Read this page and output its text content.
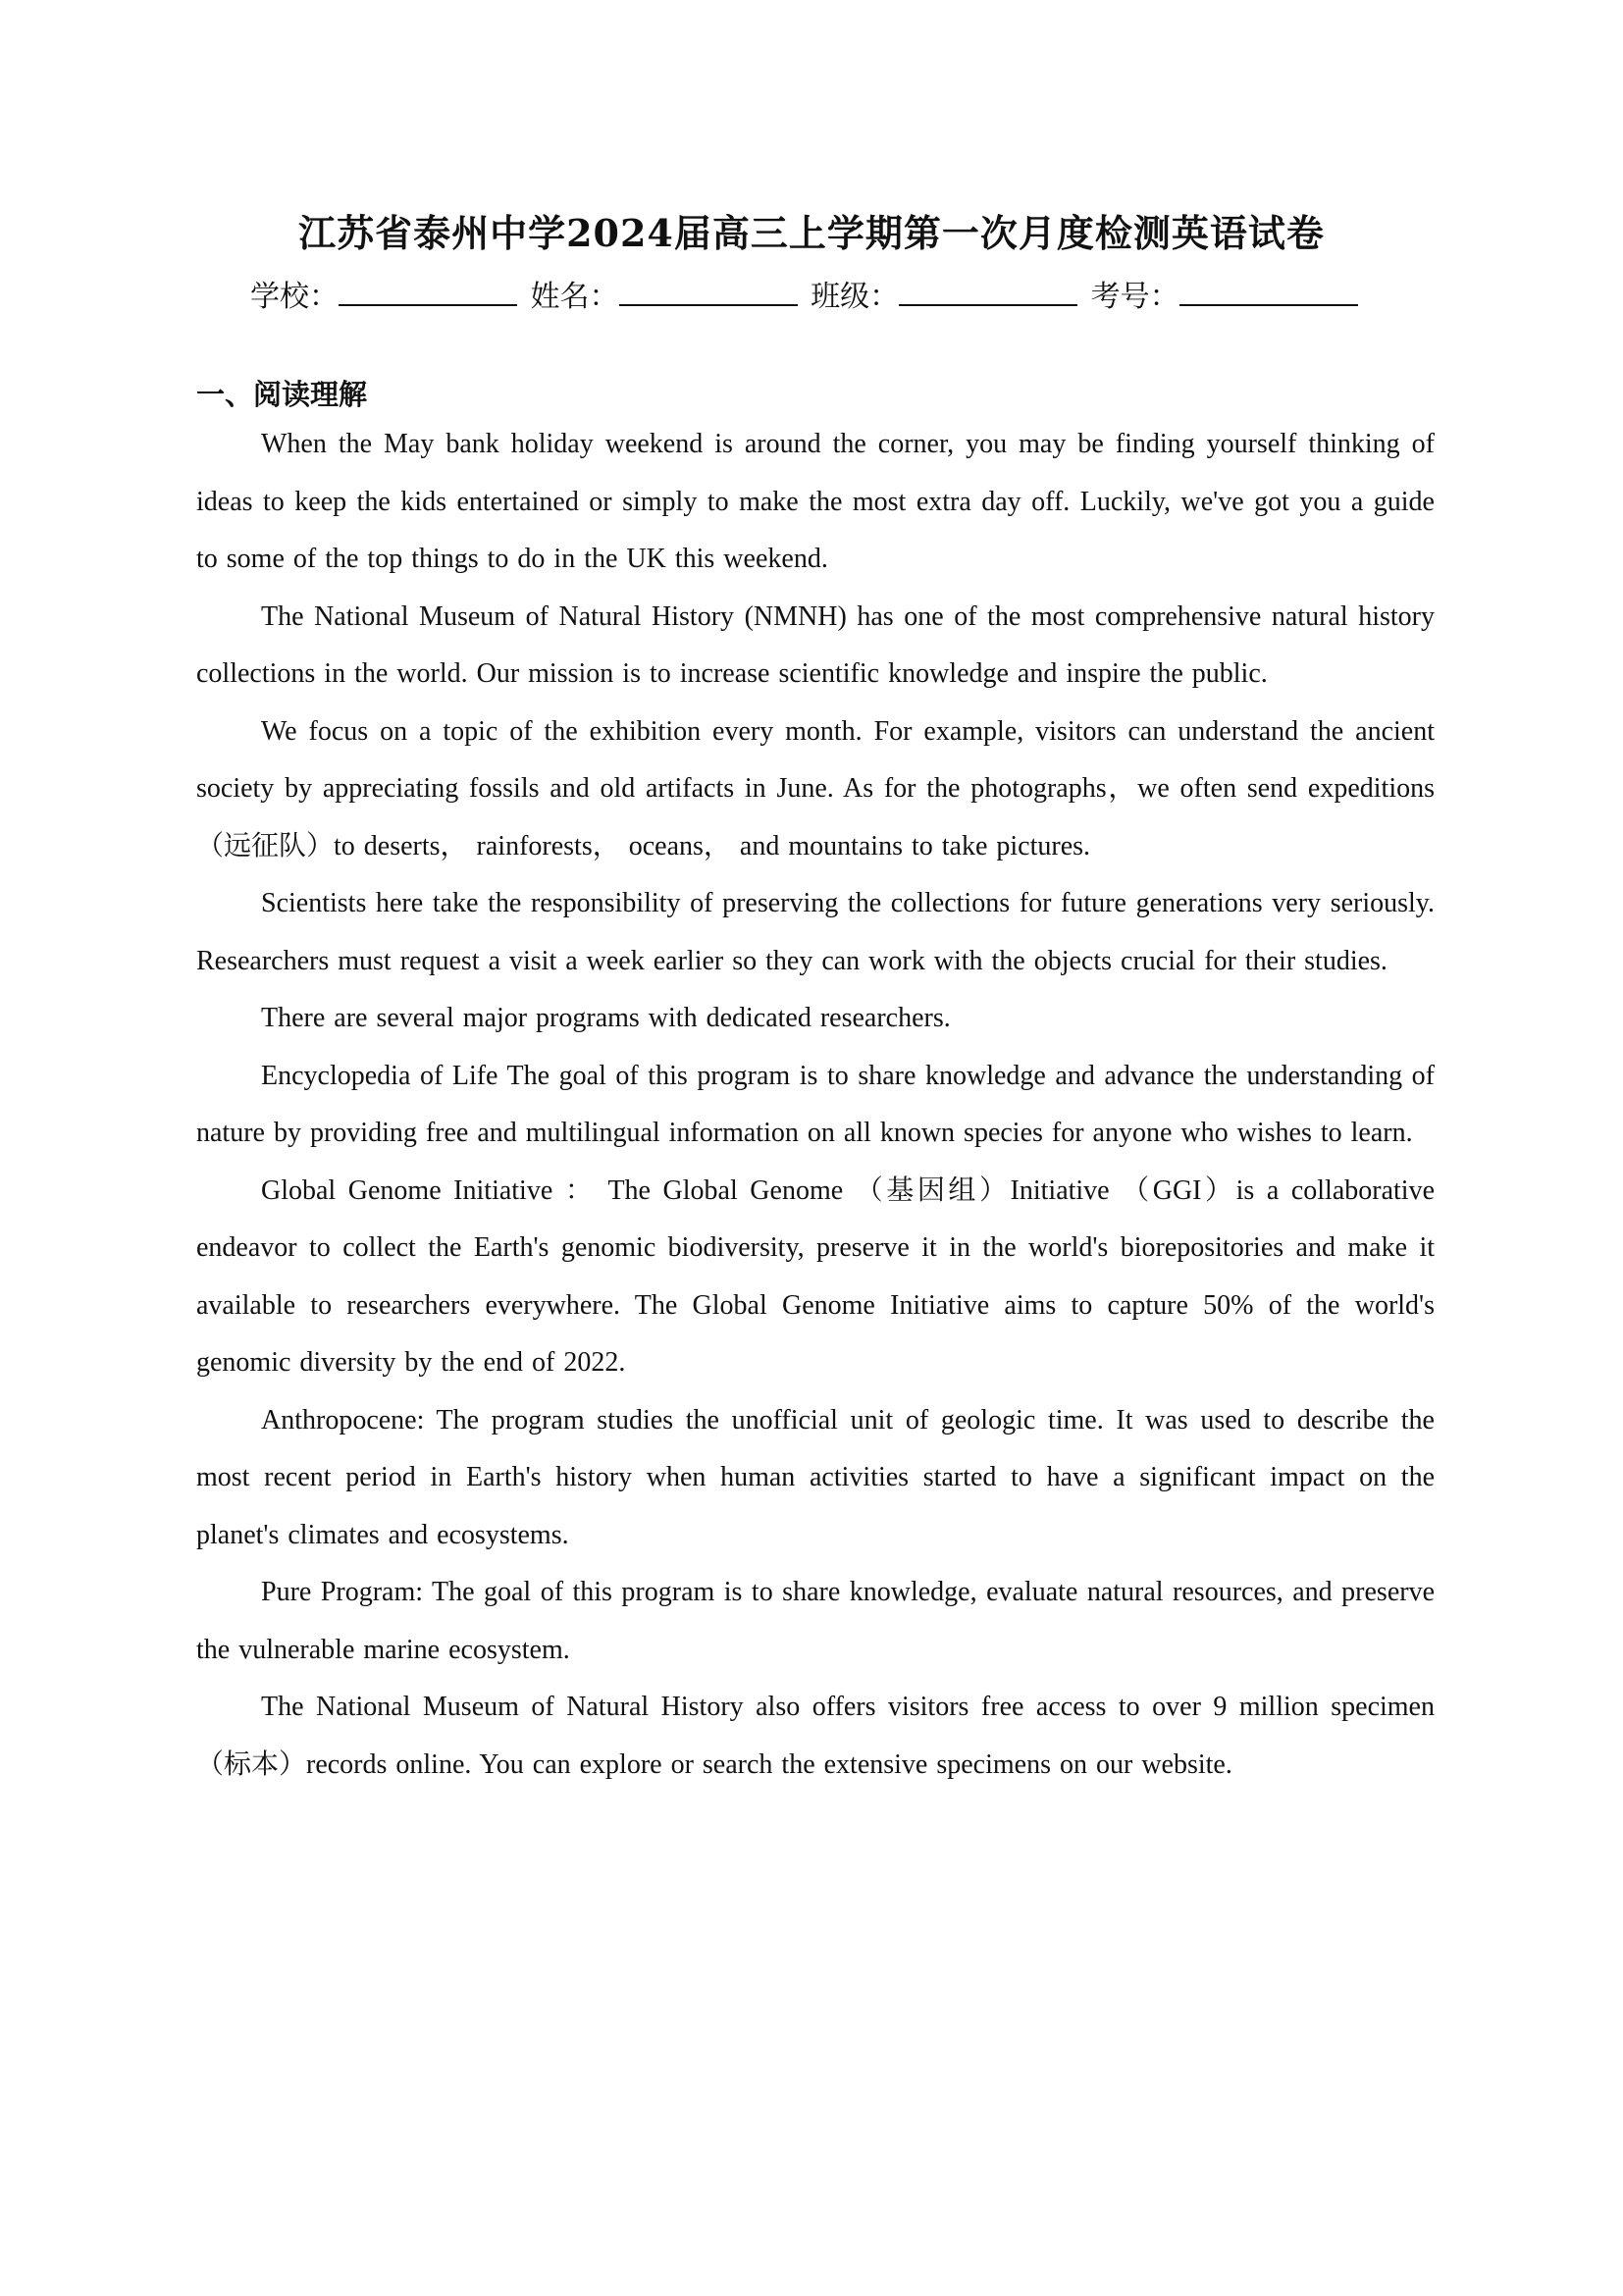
江苏省泰州中学2024届高三上学期第一次月度检测英语试卷
学校：	姓名：	班级：	考号：
一、阅读理解

When the May bank holiday weekend is around the corner, you may be finding yourself thinking of ideas to keep the kids entertained or simply to make the most extra day off. Luckily, we've got you a guide to some of the top things to do in the UK this weekend.

The National Museum of Natural History (NMNH) has one of the most comprehensive natural history collections in the world. Our mission is to increase scientific knowledge and inspire the public.

We focus on a topic of the exhibition every month. For example, visitors can understand the ancient society by appreciating fossils and old artifacts in June. As for the photographs，we often send expeditions （远征队）to deserts， rainforests， oceans， and mountains to take pictures.

Scientists here take the responsibility of preserving the collections for future generations very seriously. Researchers must request a visit a week earlier so they can work with the objects crucial for their studies.

There are several major programs with dedicated researchers.

Encyclopedia of Life The goal of this program is to share knowledge and advance the understanding of nature by providing free and multilingual information on all known species for anyone who wishes to learn.

Global Genome Initiative ： The Global Genome （基因组）Initiative （GGI）is a collaborative endeavor to collect the Earth's genomic biodiversity, preserve it in the world's biorepositories and make it available to researchers everywhere. The Global Genome Initiative aims to capture 50% of the world's genomic diversity by the end of 2022.

Anthropocene: The program studies the unofficial unit of geologic time. It was used to describe the most recent period in Earth's history when human activities started to have a significant impact on the planet's climates and ecosystems.

Pure Program: The goal of this program is to share knowledge, evaluate natural resources, and preserve the vulnerable marine ecosystem.

The National Museum of Natural History also offers visitors free access to over 9 million specimen （标本）records online. You can explore or search the extensive specimens on our website.
